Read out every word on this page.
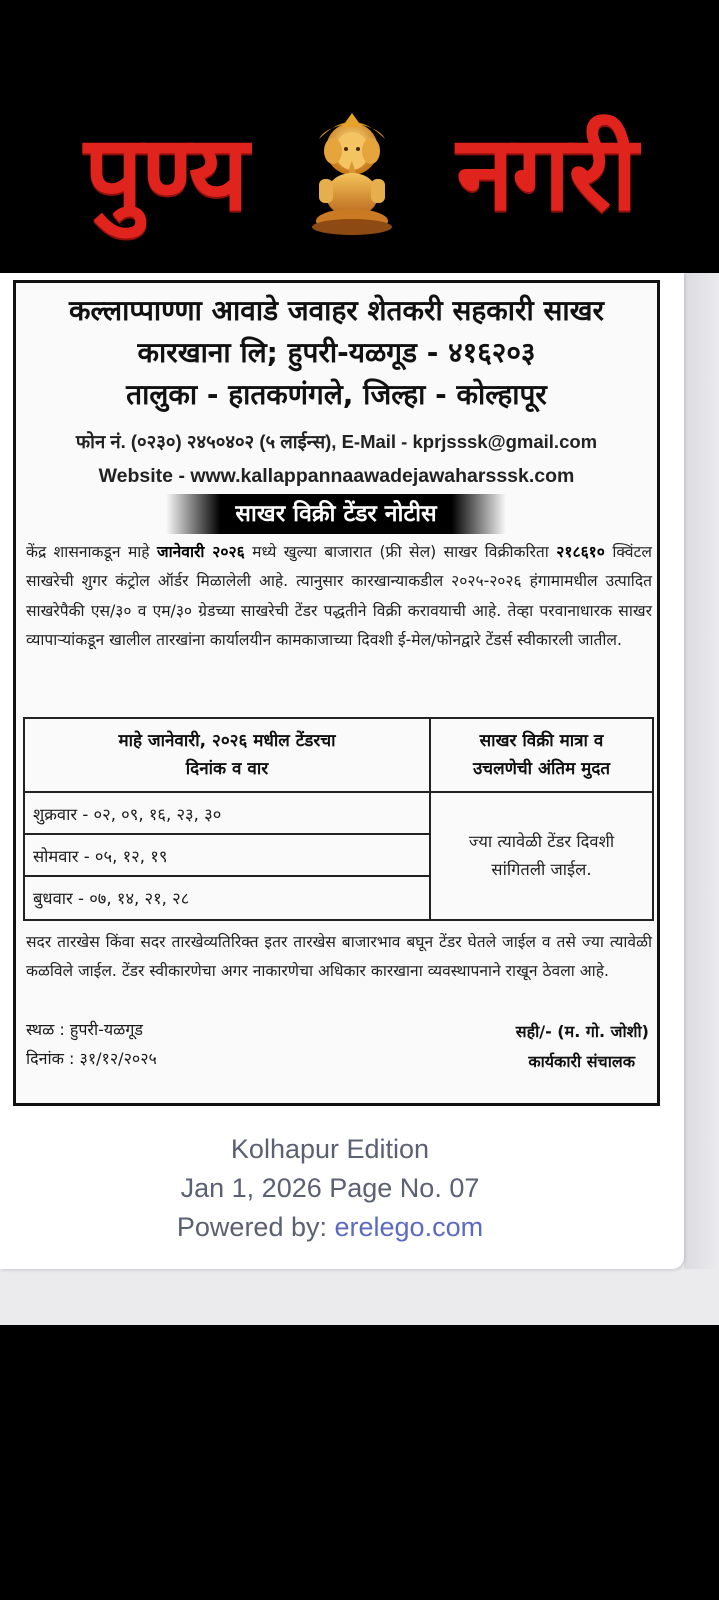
पुण्य नगरी
कल्लाप्पाण्णा आवाडे जवाहर शेतकरी सहकारी साखर
कारखाना लि; हुपरी-यळगूड - ४१६२०३
तालुका - हातकणंगले, जिल्हा - कोल्हापूर
फोन नं. (०२३०) २४५०४०२ (५ लाईन्स), E-Mail - kprjsssk@gmail.com
Website - www.kallappannaawadejawaharsssk.com
साखर विक्री टेंडर नोटीस
केंद्र शासनाकडून माहे जानेवारी २०२६ मध्ये खुल्या बाजारात (फ्री सेल) साखर विक्रीकरिता २१८६१० क्विंटल साखरेची शुगर कंट्रोल ऑर्डर मिळालेली आहे. त्यानुसार कारखान्याकडील २०२५-२०२६ हंगामामधील उत्पादित साखरेपैकी एस/३० व एम/३० ग्रेडच्या साखरेची टेंडर पद्धतीने विक्री करावयाची आहे. तेव्हा परवानाधारक साखर व्यापाऱ्यांकडून खालील तारखांना कार्यालयीन कामकाजाच्या दिवशी ई-मेल/फोनद्वारे टेंडर्स स्वीकारली जातील.
माहे जानेवारी, २०२६ मधील टेंडरचा
दिनांक व वार
साखर विक्री मात्रा व
उचलणेची अंतिम मुदत
शुक्रवार - ०२, ०९, १६, २३, ३०
सोमवार - ०५, १२, १९
बुधवार - ०७, १४, २१, २८
ज्या त्यावेळी टेंडर दिवशी
सांगितली जाईल.
सदर तारखेस किंवा सदर तारखेव्यतिरिक्त इतर तारखेस बाजारभाव बघून टेंडर घेतले जाईल व तसे ज्या त्यावेळी कळविले जाईल. टेंडर स्वीकारणेचा अगर नाकारणेचा अधिकार कारखाना व्यवस्थापनाने राखून ठेवला आहे.
स्थळ : हुपरी-यळगूड
दिनांक : ३१/१२/२०२५
सही/- (म. गो. जोशी)
कार्यकारी संचालक
Kolhapur Edition
Jan 1, 2026 Page No. 07
Powered by: erelego.com
